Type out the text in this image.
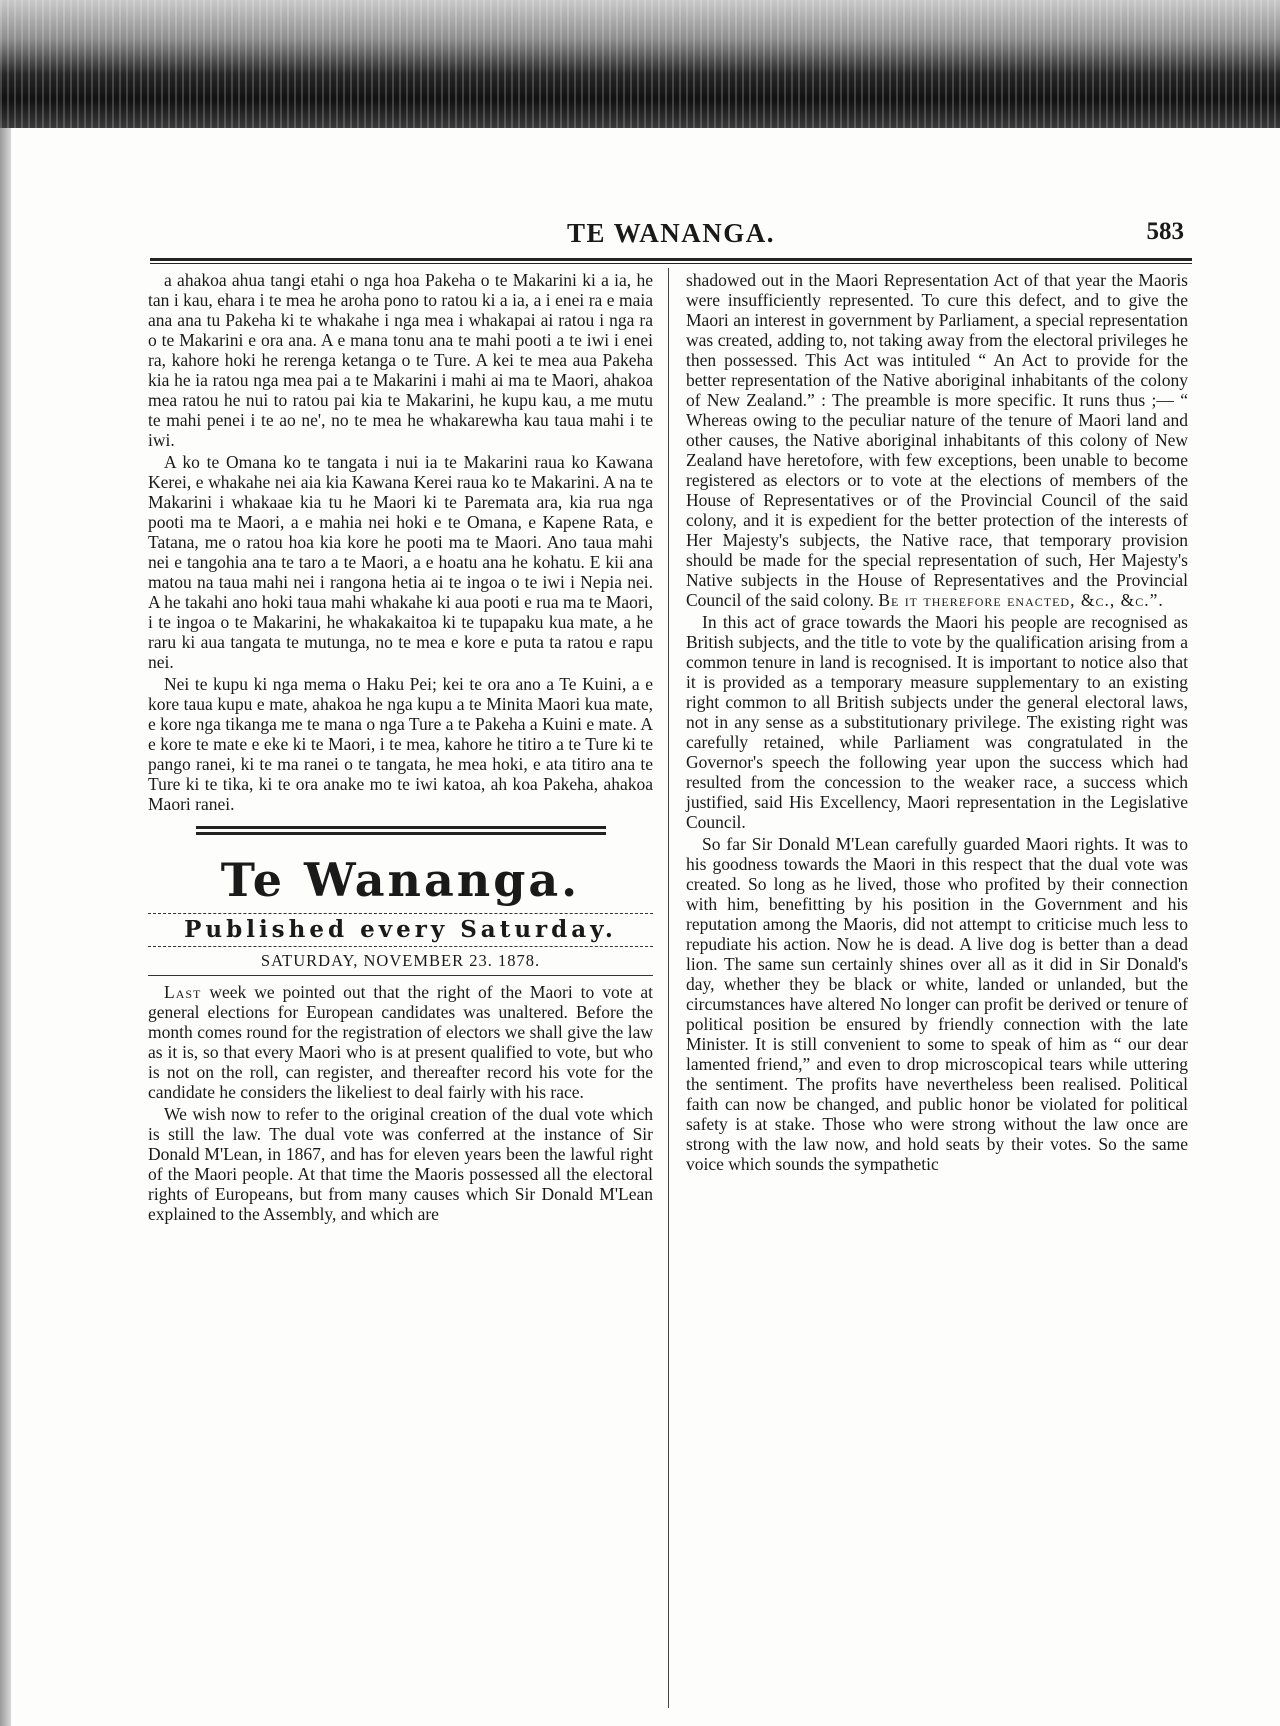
TE WANANGA.	583

a ahakoa ahua tangi etahi o nga hoa Pakeha o te Makarini ki a ia, he tan i kau, ehara i te mea he aroha pono to ratou ki a ia, a i enei ra e maia ana ana tu Pakeha ki te whakahe i nga mea i whakapai ai ratou i nga ra o te Makarini e ora ana. A e mana tonu ana te mahi pooti a te iwi i enei ra, kahore hoki he rerenga ketanga o te Ture. A kei te mea aua Pakeha kia he ia ratou nga mea pai a te Makarini i mahi ai ma te Maori, ahakoa mea ratou he nui to ratou pai kia te Makarini, he kupu kau, a me mutu te mahi penei i te ao ne', no te mea he whakarewha kau taua mahi i te iwi.

A ko te Omana ko te tangata i nui ia te Makarini raua ko Kawana Kerei, e whakahe nei aia kia Kawana Kerei raua ko te Makarini. A na te Makarini i whakaae kia tu he Maori ki te Paremata ara, kia rua nga pooti ma te Maori, a e mahia nei hoki e te Omana, e Kapene Rata, e Tatana, me o ratou hoa kia kore he pooti ma te Maori. Ano taua mahi nei e tangohia ana te taro a te Maori, a e hoatu ana he kohatu. E kii ana matou na taua mahi nei i rangona hetia ai te ingoa o te iwi i Nepia nei. A he takahi ano hoki taua mahi whakahe ki aua pooti e rua ma te Maori, i te ingoa o te Makarini, he whakakaitoa ki te tupapaku kua mate, a he raru ki aua tangata te mutunga, no te mea e kore e puta ta ratou e rapu nei.

Nei te kupu ki nga mema o Haku Pei; kei te ora ano a Te Kuini, a e kore taua kupu e mate, ahakoa he nga kupu a te Minita Maori kua mate, e kore nga tikanga me te mana o nga Ture a te Pakeha a Kuini e mate. A e kore te mate e eke ki te Maori, i te mea, kahore he titiro a te Ture ki te pango ranei, ki te ma ranei o te tangata, he mea hoki, e ata titiro ana te Ture ki te tika, ki te ora anake mo te iwi katoa, ah koa Pakeha, ahakoa Maori ranei.

Te Wananga.
Published every Saturday.
SATURDAY, NOVEMBER 23. 1878.

Last week we pointed out that the right of the Maori to vote at general elections for European candidates was unaltered. Before the month comes round for the registration of electors we shall give the law as it is, so that every Maori who is at present qualified to vote, but who is not on the roll, can register, and thereafter record his vote for the candidate he considers the likeliest to deal fairly with his race.

We wish now to refer to the original creation of the dual vote which is still the law. The dual vote was conferred at the instance of Sir Donald M'Lean, in 1867, and has for eleven years been the lawful right of the Maori people. At that time the Maoris possessed all the electoral rights of Europeans, but from many causes which Sir Donald M'Lean explained to the Assembly, and which are

shadowed out in the Maori Representation Act of that year the Maoris were insufficiently represented. To cure this defect, and to give the Maori an interest in government by Parliament, a special representation was created, adding to, not taking away from the electoral privileges he then possessed. This Act was intituled “ An Act to provide for the better representation of the Native aboriginal inhabitants of the colony of New Zealand.” : The preamble is more specific. It runs thus ;— “ Whereas owing to the peculiar nature of the tenure of Maori land and other causes, the Native aboriginal inhabitants of this colony of New Zealand have heretofore, with few exceptions, been unable to become registered as electors or to vote at the elections of members of the House of Representatives or of the Provincial Council of the said colony, and it is expedient for the better protection of the interests of Her Majesty's subjects, the Native race, that temporary provision should be made for the special representation of such, Her Majesty's Native subjects in the House of Representatives and the Provincial Council of the said colony. Be it therefore enacted, &c., &c.”.

In this act of grace towards the Maori his people are recognised as British subjects, and the title to vote by the qualification arising from a common tenure in land is recognised. It is important to notice also that it is provided as a temporary measure supplementary to an existing right common to all British subjects under the general electoral laws, not in any sense as a substitutionary privilege. The existing right was carefully retained, while Parliament was congratulated in the Governor's speech the following year upon the success which had resulted from the concession to the weaker race, a success which justified, said His Excellency, Maori representation in the Legislative Council.

So far Sir Donald M'Lean carefully guarded Maori rights. It was to his goodness towards the Maori in this respect that the dual vote was created. So long as he lived, those who profited by their connection with him, benefitting by his position in the Government and his reputation among the Maoris, did not attempt to criticise much less to repudiate his action. Now he is dead. A live dog is better than a dead lion. The same sun certainly shines over all as it did in Sir Donald's day, whether they be black or white, landed or unlanded, but the circumstances have altered No longer can profit be derived or tenure of political position be ensured by friendly connection with the late Minister. It is still convenient to some to speak of him as “ our dear lamented friend,” and even to drop microscopical tears while uttering the sentiment. The profits have nevertheless been realised. Political faith can now be changed, and public honor be violated for political safety is at stake. Those who were strong without the law once are strong with the law now, and hold seats by their votes. So the same voice which sounds the sympathetic
